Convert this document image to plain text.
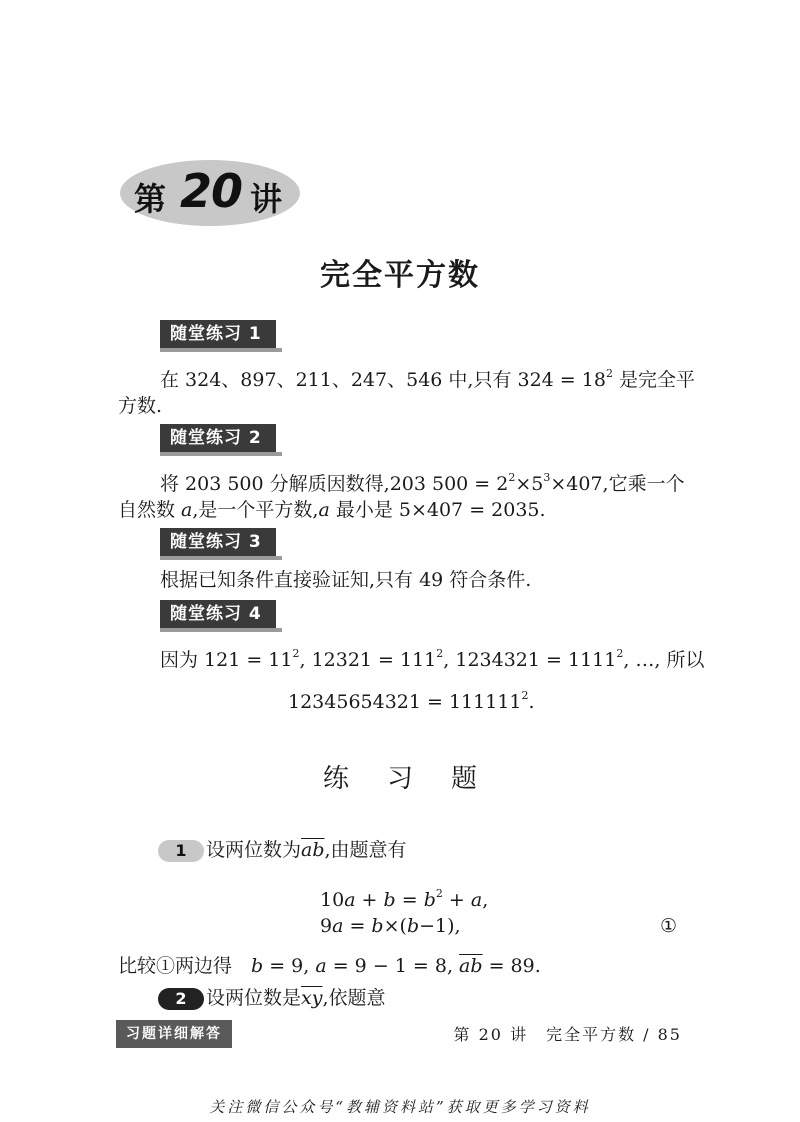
第 20 讲
完全平方数
随堂练习 1
在 324、897、211、247、546 中,只有 $324 = 18^2$ 是完全平
方数.
随堂练习 2
将 203 500 分解质因数得,203 $500 = 2^2\times 5^3\times 407$,它乘一个
自然数 a,是一个平方数,a 最小是 5×407 = 2035.
随堂练习 3
根据已知条件直接验证知,只有 49 符合条件.
随堂练习 4
因为 $121 = 11^2$, $12321 = 111^2$, $1234321 = 1111^2$, …, 所以
$12345654321 = 111111^2$.
练习题
1	设两位数为$\overline{ab}$,由题意有
$10a + b = b^2 + a$,
9a = b×(b−1),	①
比较①两边得　b = 9, a = 9 − 1 = 8, $\overline{ab} = 89$.
2	设两位数是$\overline{xy}$,依题意
习题详细解答	第 20 讲　完全平方数 / 85
关注微信公众号“教辅资料站”获取更多学习资料
